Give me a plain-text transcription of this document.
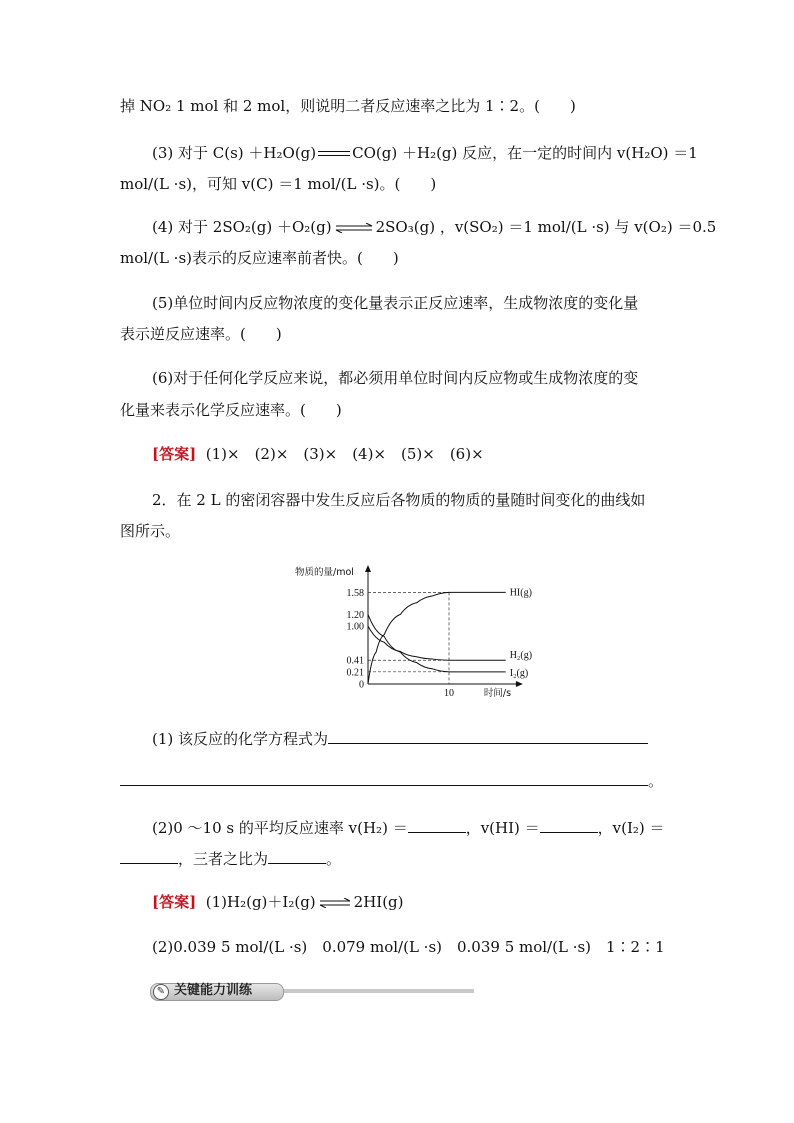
掉 NO₂ 1 mol 和 2 mol，则说明二者反应速率之比为 1∶2。(　　)
(3) 对于 C(s) ＋H₂O(g) CO(g) ＋H₂(g) 反应，在一定的时间内 v(H₂O) ＝1
mol/(L ·s)，可知 v(C) ＝1 mol/(L ·s)。(　　)
(4) 对于 2SO₂(g) ＋O₂(g) ⇌ 2SO₃(g) ，v(SO₂) ＝1 mol/(L ·s) 与 v(O₂) ＝0.5
mol/(L ·s)表示的反应速率前者快。(　　)
(5)单位时间内反应物浓度的变化量表示正反应速率，生成物浓度的变化量
表示逆反应速率。(　　)
(6)对于任何化学反应来说，都必须用单位时间内反应物或生成物浓度的变
化量来表示化学反应速率。(　　)
[答案] (1)×　(2)×　(3)×　(4)×　(5)×　(6)×
2．在 2 L 的密闭容器中发生反应后各物质的物质的量随时间变化的曲线如
图所示。
物质的量/mol
时间/s
1.58
1.20
1.00
0.41
0.21
0
10
HI(g)
H₂(g)
I₂(g)
(1) 该反应的化学方程式为
。
(2)0 ～10 s 的平均反应速率 v(H₂) ＝	，v(HI) ＝	，v(I₂) ＝
，三者之比为	。
[答案] (1)H₂(g)＋I₂(g) ⇌ 2HI(g)
(2)0.039 5 mol/(L ·s)　0.079 mol/(L ·s)　0.039 5 mol/(L ·s)　1∶2∶1
✎ 关键能力训练
